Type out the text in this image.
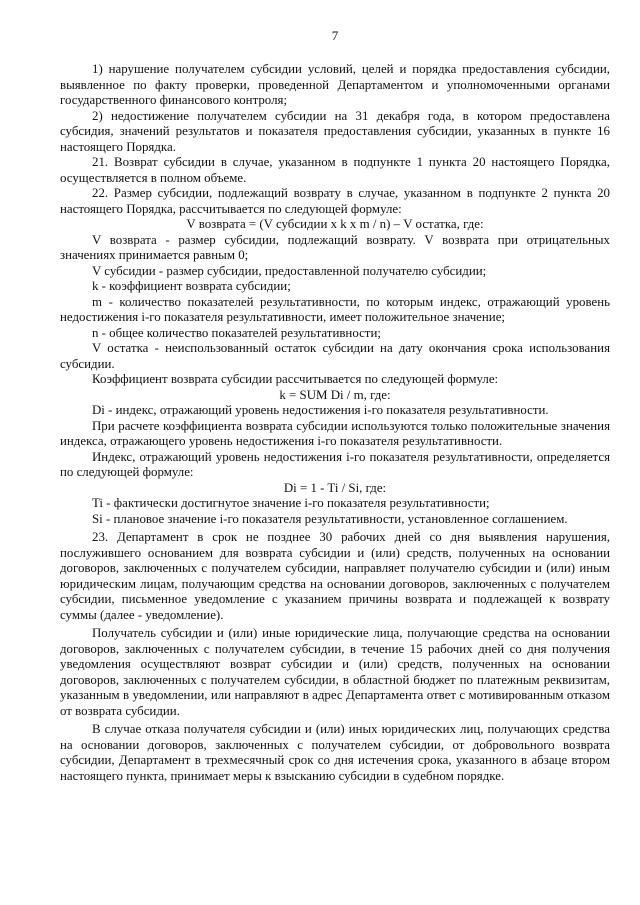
7

1) нарушение получателем субсидии условий, целей и порядка предоставления субсидии, выявленное по факту проверки, проведенной Департаментом и уполномоченными органами государственного финансового контроля;

2) недостижение получателем субсидии на 31 декабря года, в котором предоставлена субсидия, значений результатов и показателя предоставления субсидии, указанных в пункте 16 настоящего Порядка.

21. Возврат субсидии в случае, указанном в подпункте 1 пункта 20 настоящего Порядка, осуществляется в полном объеме.

22. Размер субсидии, подлежащий возврату в случае, указанном в подпункте 2 пункта 20 настоящего Порядка, рассчитывается по следующей формуле:

V возврата = (V субсидии x k x m / n) – V остатка, где:

V возврата - размер субсидии, подлежащий возврату. V возврата при отрицательных значениях принимается равным 0;

V субсидии - размер субсидии, предоставленной получателю субсидии;

k - коэффициент возврата субсидии;

m - количество показателей результативности, по которым индекс, отражающий уровень недостижения i-го показателя результативности, имеет положительное значение;

n - общее количество показателей результативности;

V остатка - неиспользованный остаток субсидии на дату окончания срока использования субсидии.

Коэффициент возврата субсидии рассчитывается по следующей формуле:

k = SUM Di / m, где:

Di - индекс, отражающий уровень недостижения i-го показателя результативности.

При расчете коэффициента возврата субсидии используются только положительные значения индекса, отражающего уровень недостижения i-го показателя результативности.

Индекс, отражающий уровень недостижения i-го показателя результативности, определяется по следующей формуле:

Di = 1 - Ti / Si, где:

Ti - фактически достигнутое значение i-го показателя результативности;

Si - плановое значение i-го показателя результативности, установленное соглашением.

23. Департамент в срок не позднее 30 рабочих дней со дня выявления нарушения, послужившего основанием для возврата субсидии и (или) средств, полученных на основании договоров, заключенных с получателем субсидии, направляет получателю субсидии и (или) иным юридическим лицам, получающим средства на основании договоров, заключенных с получателем субсидии, письменное уведомление с указанием причины возврата и подлежащей к возврату суммы (далее - уведомление).

Получатель субсидии и (или) иные юридические лица, получающие средства на основании договоров, заключенных с получателем субсидии, в течение 15 рабочих дней со дня получения уведомления осуществляют возврат субсидии и (или) средств, полученных на основании договоров, заключенных с получателем субсидии, в областной бюджет по платежным реквизитам, указанным в уведомлении, или направляют в адрес Департамента ответ с мотивированным отказом от возврата субсидии.

В случае отказа получателя субсидии и (или) иных юридических лиц, получающих средства на основании договоров, заключенных с получателем субсидии, от добровольного возврата субсидии, Департамент в трехмесячный срок со дня истечения срока, указанного в абзаце втором настоящего пункта, принимает меры к взысканию субсидии в судебном порядке.
